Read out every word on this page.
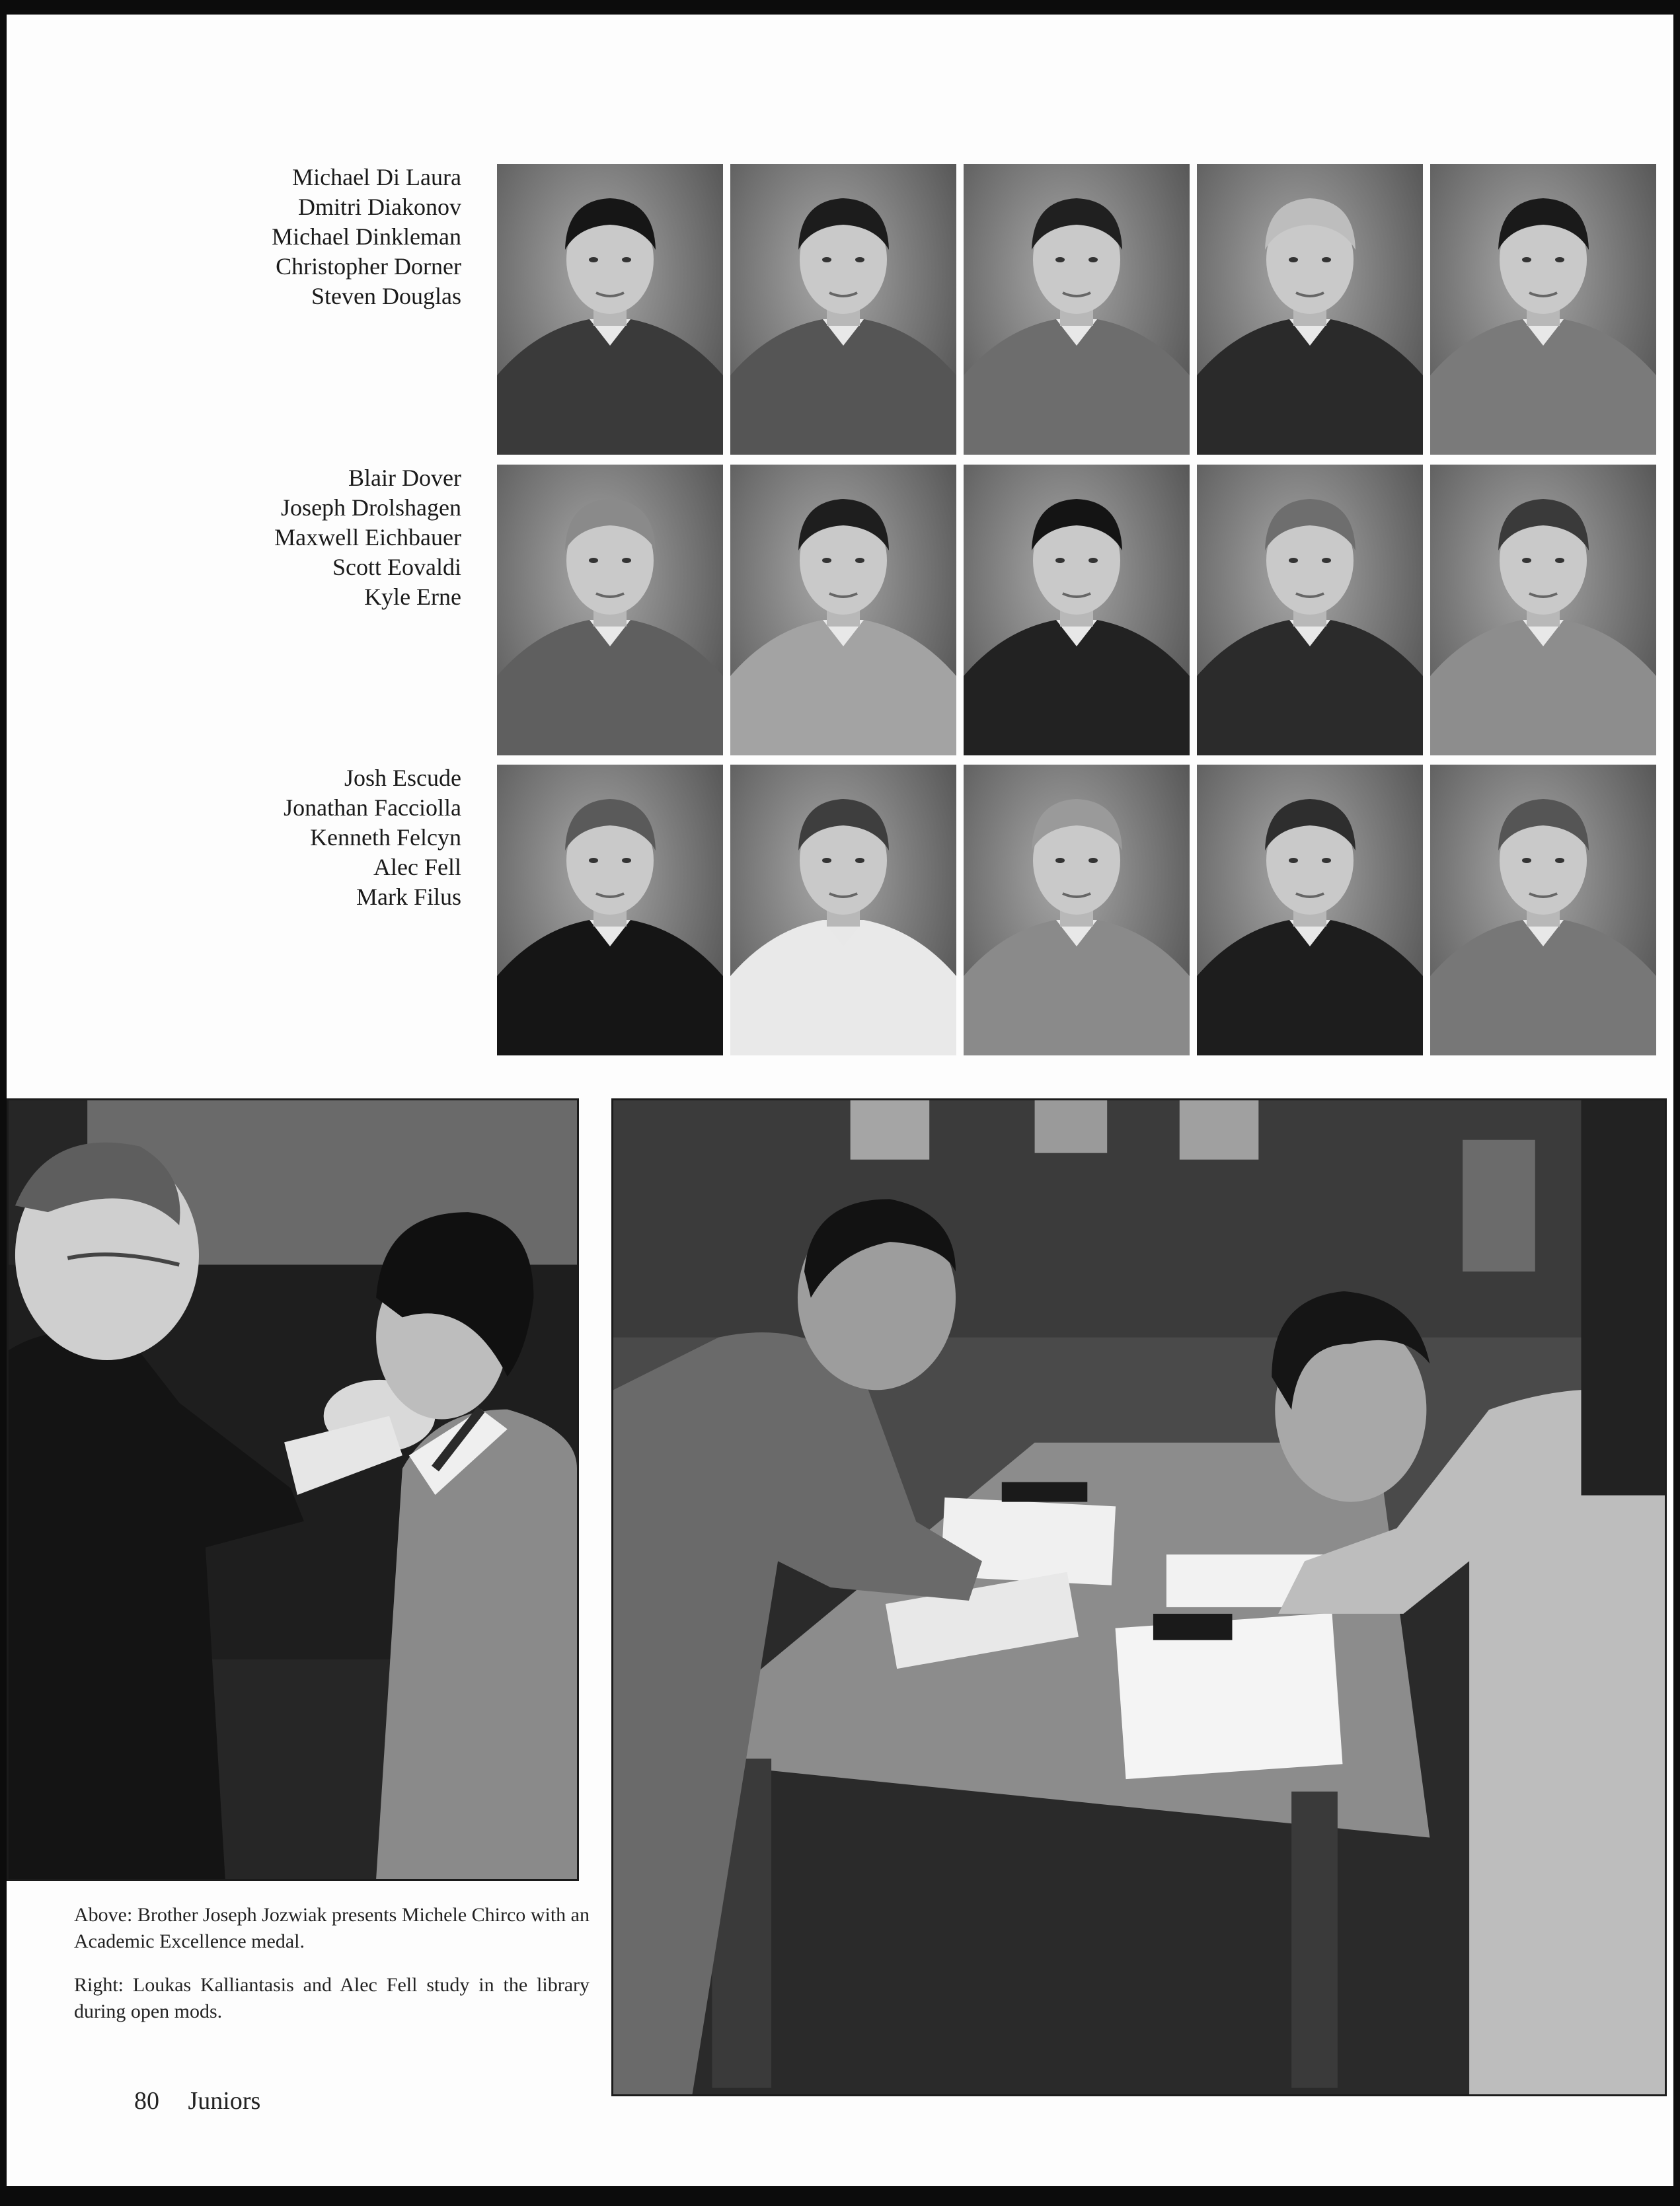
Michael Di Laura
Dmitri Diakonov
Michael Dinkleman
Christopher Dorner
Steven Douglas
Blair Dover
Joseph Drolshagen
Maxwell Eichbauer
Scott Eovaldi
Kyle Erne
Josh Escude
Jonathan Facciolla
Kenneth Felcyn
Alec Fell
Mark Filus
Above: Brother Joseph Jozwiak presents Michele Chirco with an Academic Excellence medal.
Right: Loukas Kalliantasis and Alec Fell study in the library during open mods.
80 Juniors
